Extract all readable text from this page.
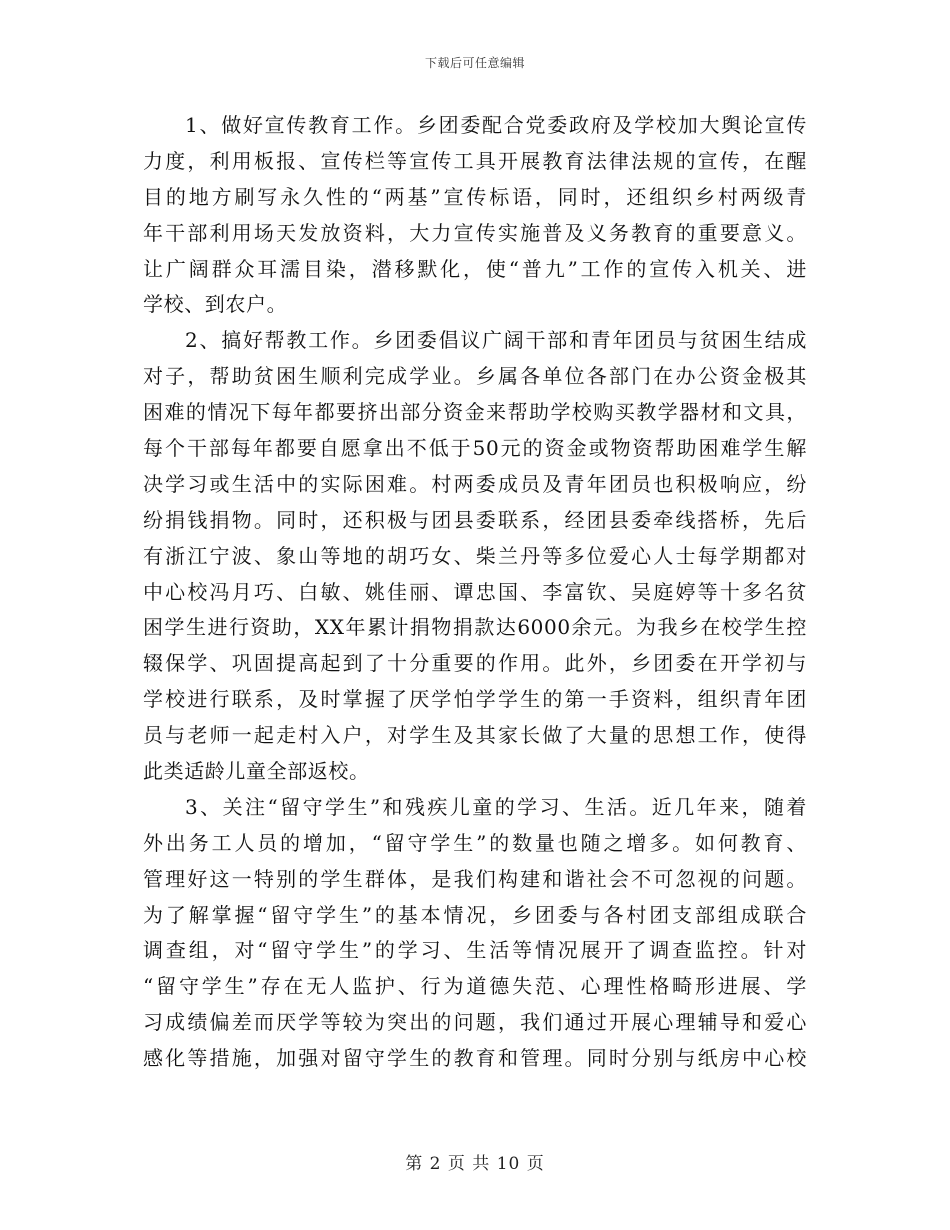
下载后可任意编辑
1、做好宣传教育工作。乡团委配合党委政府及学校加大舆论宣传
力度，利用板报、宣传栏等宣传工具开展教育法律法规的宣传，在醒
目的地方刷写永久性的“两基”宣传标语，同时，还组织乡村两级青
年干部利用场天发放资料，大力宣传实施普及义务教育的重要意义。
让广阔群众耳濡目染，潜移默化，使“普九”工作的宣传入机关、进
学校、到农户。
2、搞好帮教工作。乡团委倡议广阔干部和青年团员与贫困生结成
对子，帮助贫困生顺利完成学业。乡属各单位各部门在办公资金极其
困难的情况下每年都要挤出部分资金来帮助学校购买教学器材和文具，
每个干部每年都要自愿拿出不低于50元的资金或物资帮助困难学生解
决学习或生活中的实际困难。村两委成员及青年团员也积极响应，纷
纷捐钱捐物。同时，还积极与团县委联系，经团县委牵线搭桥，先后
有浙江宁波、象山等地的胡巧女、柴兰丹等多位爱心人士每学期都对
中心校冯月巧、白敏、姚佳丽、谭忠国、李富钦、吴庭婷等十多名贫
困学生进行资助，XX年累计捐物捐款达6000余元。为我乡在校学生控
辍保学、巩固提高起到了十分重要的作用。此外，乡团委在开学初与
学校进行联系，及时掌握了厌学怕学学生的第一手资料，组织青年团
员与老师一起走村入户，对学生及其家长做了大量的思想工作，使得
此类适龄儿童全部返校。
3、关注“留守学生”和残疾儿童的学习、生活。近几年来，随着
外出务工人员的增加，“留守学生”的数量也随之增多。如何教育、
管理好这一特别的学生群体，是我们构建和谐社会不可忽视的问题。
为了解掌握“留守学生”的基本情况，乡团委与各村团支部组成联合
调查组，对“留守学生”的学习、生活等情况展开了调查监控。针对
“留守学生”存在无人监护、行为道德失范、心理性格畸形进展、学
习成绩偏差而厌学等较为突出的问题，我们通过开展心理辅导和爱心
感化等措施，加强对留守学生的教育和管理。同时分别与纸房中心校
第 2 页 共 10 页
